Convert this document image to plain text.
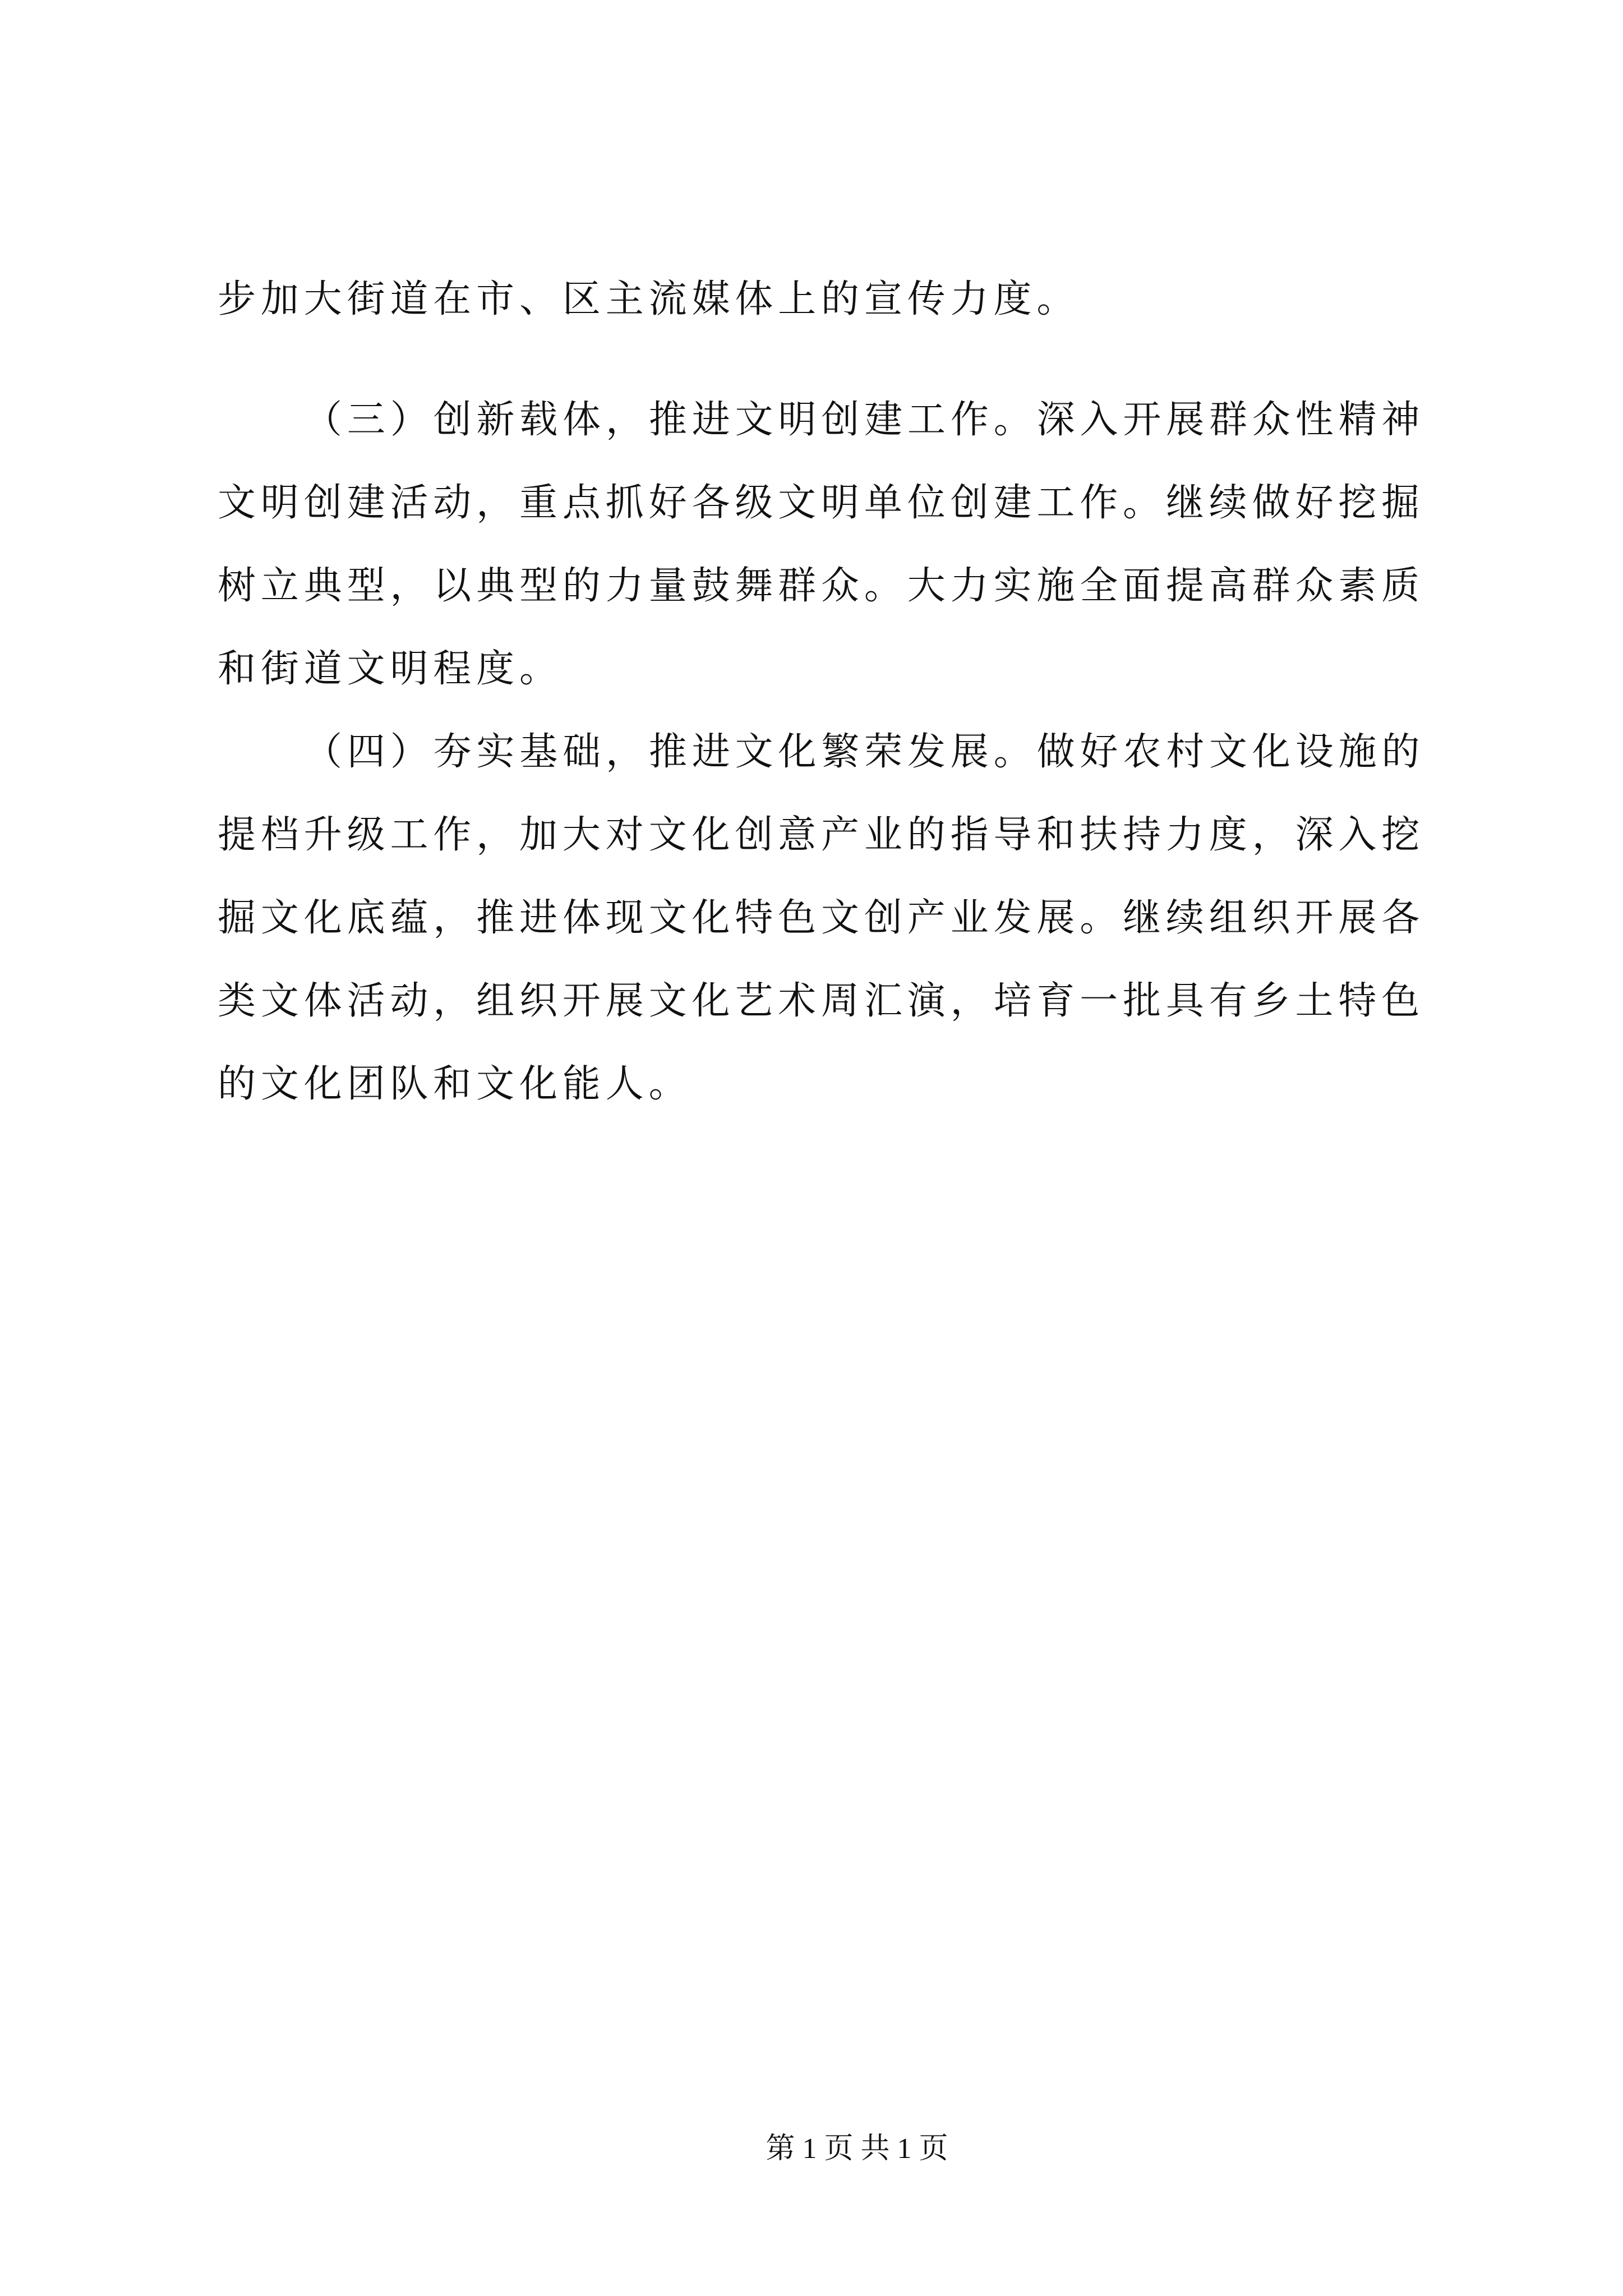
步加大街道在市、区主流媒体上的宣传力度。
（三）创新载体，推进文明创建工作。深入开展群众性精神
文明创建活动，重点抓好各级文明单位创建工作。继续做好挖掘
树立典型，以典型的力量鼓舞群众。大力实施全面提高群众素质
和街道文明程度。
（四）夯实基础，推进文化繁荣发展。做好农村文化设施的
提档升级工作，加大对文化创意产业的指导和扶持力度，深入挖
掘文化底蕴，推进体现文化特色文创产业发展。继续组织开展各
类文体活动，组织开展文化艺术周汇演，培育一批具有乡土特色
的文化团队和文化能人。
第 1 页 共 1 页
